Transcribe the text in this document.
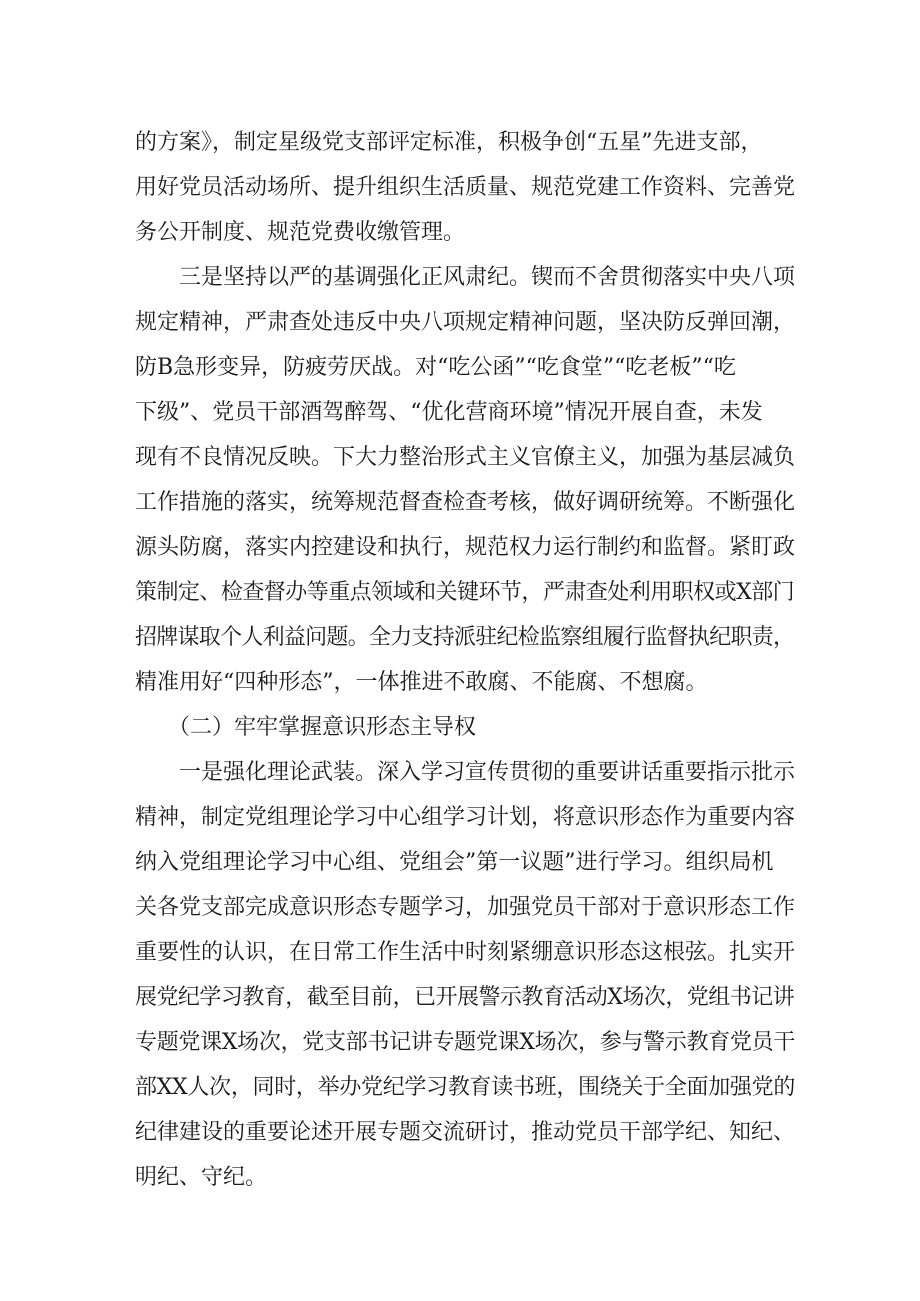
的方案》，制定星级党支部评定标准，积极争创“五星”先进支部，
用好党员活动场所、提升组织生活质量、规范党建工作资料、完善党
务公开制度、规范党费收缴管理。
　　三是坚持以严的基调强化正风肃纪。锲而不舍贯彻落实中央八项
规定精神，严肃查处违反中央八项规定精神问题，坚决防反弹回潮，
防B急形变异，防疲劳厌战。对“吃公函”“吃食堂”“吃老板”“吃
下级”、党员干部酒驾醉驾、“优化营商环境”情况开展自查，未发
现有不良情况反映。下大力整治形式主义官僚主义，加强为基层减负
工作措施的落实，统筹规范督查检查考核，做好调研统筹。不断强化
源头防腐，落实内控建设和执行，规范权力运行制约和监督。紧盯政
策制定、检查督办等重点领域和关键环节，严肃查处利用职权或X部门
招牌谋取个人利益问题。全力支持派驻纪检监察组履行监督执纪职责，
精准用好“四种形态”，一体推进不敢腐、不能腐、不想腐。
　　（二）牢牢掌握意识形态主导权
　　一是强化理论武装。深入学习宣传贯彻的重要讲话重要指示批示
精神，制定党组理论学习中心组学习计划，将意识形态作为重要内容
纳入党组理论学习中心组、党组会”第一议题”进行学习。组织局机
关各党支部完成意识形态专题学习，加强党员干部对于意识形态工作
重要性的认识，在日常工作生活中时刻紧绷意识形态这根弦。扎实开
展党纪学习教育，截至目前，已开展警示教育活动X场次，党组书记讲
专题党课X场次，党支部书记讲专题党课X场次，参与警示教育党员干
部XX人次，同时，举办党纪学习教育读书班，围绕关于全面加强党的
纪律建设的重要论述开展专题交流研讨，推动党员干部学纪、知纪、
明纪、守纪。
